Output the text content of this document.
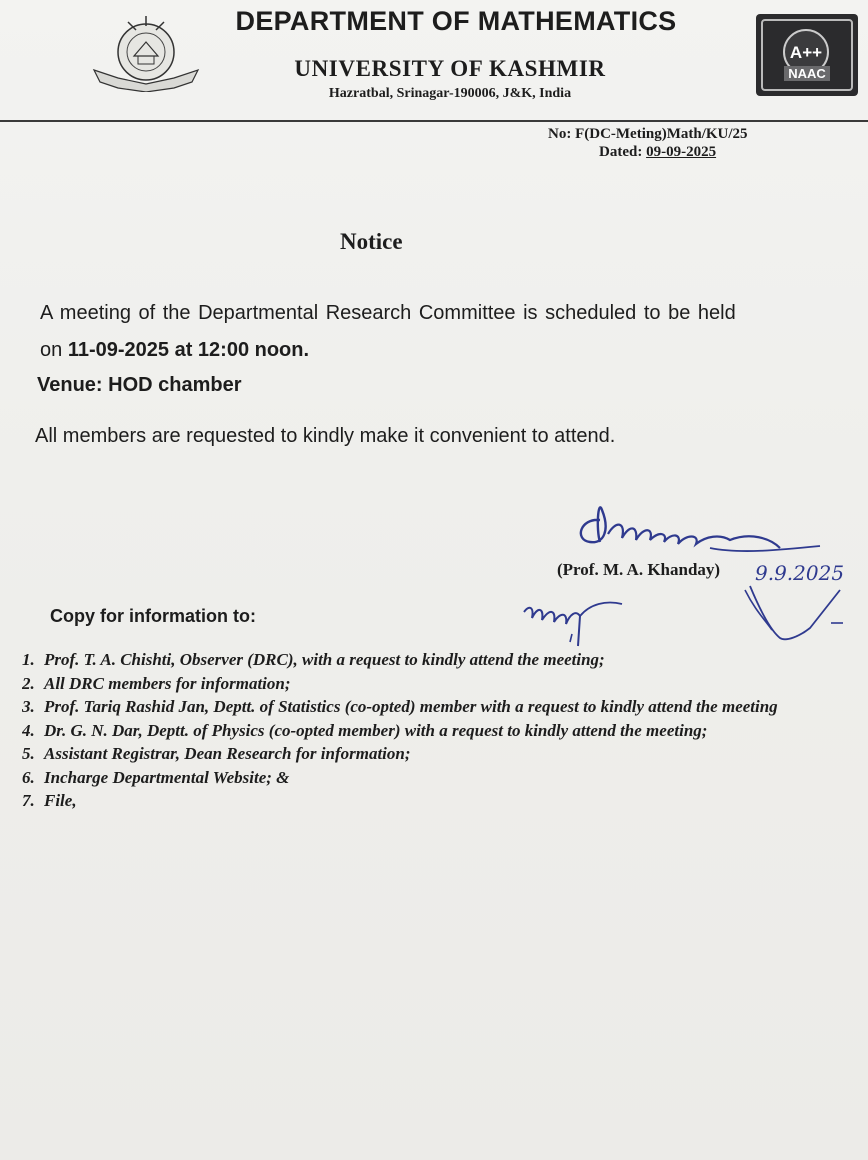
A++
NAAC
DEPARTMENT OF MATHEMATICS
UNIVERSITY OF KASHMIR
Hazratbal, Srinagar-190006, J&K, India
No: F(DC-Meting)Math/KU/25
Dated: 09-09-2025
Notice
A meeting of the Departmental Research Committee is scheduled to be held
on 11-09-2025 at 12:00 noon.
Venue: HOD chamber
All members are requested to kindly make it convenient to attend.
9.9.2025
(Prof. M. A. Khanday)
Copy for information to:
1. Prof. T. A. Chishti, Observer (DRC), with a request to kindly attend the meeting;
2. All DRC members for information;
3. Prof. Tariq Rashid Jan, Deptt. of Statistics (co-opted) member with a request to kindly attend the meeting
4. Dr. G. N. Dar, Deptt. of Physics (co-opted member) with a request to kindly attend the meeting;
5. Assistant Registrar, Dean Research for information;
6. Incharge Departmental Website; &
7. File,
